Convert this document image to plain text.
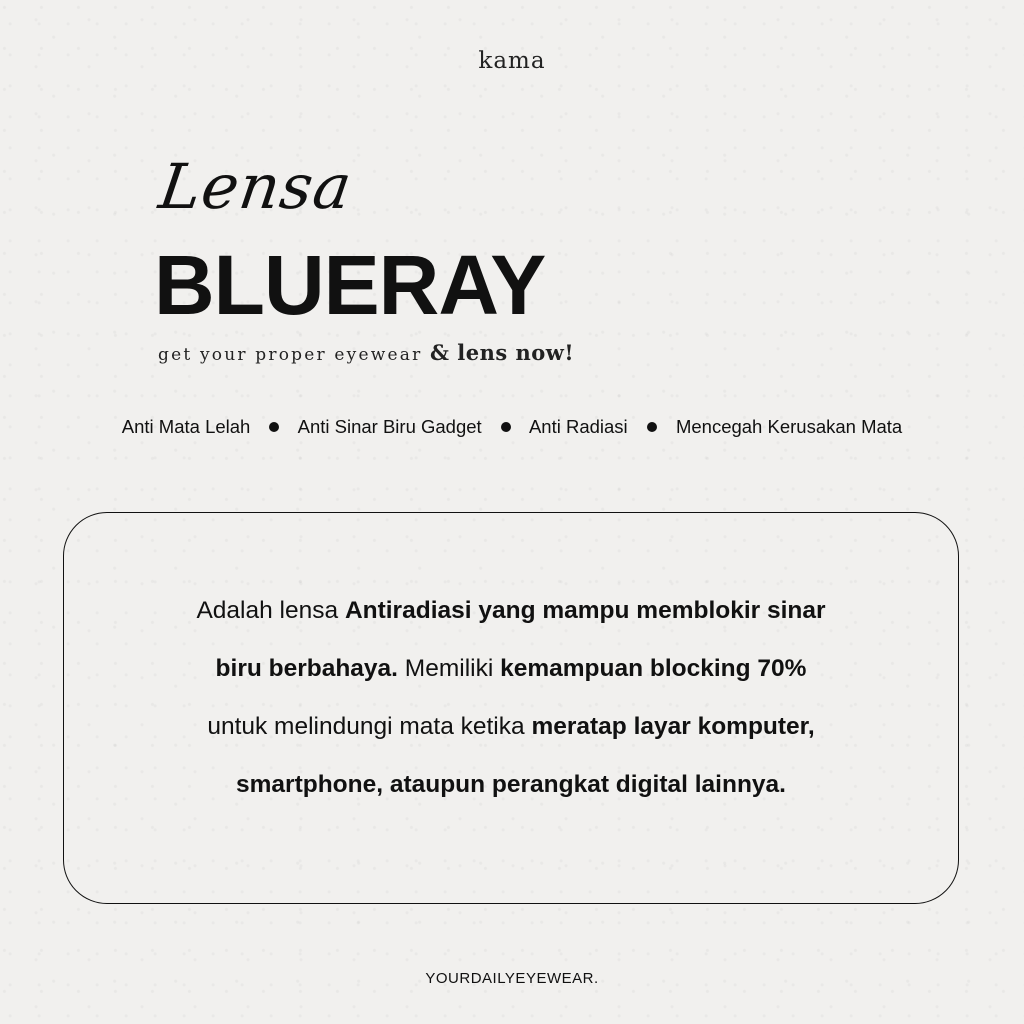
kama
Lensa
BLUERAY
get your proper eyewear & lens now!
Anti Mata Lelah	Anti Sinar Biru Gadget	Anti Radiasi	Mencegah Kerusakan Mata
Adalah lensa Antiradiasi yang mampu memblokir sinar
biru berbahaya. Memiliki kemampuan blocking 70%
untuk melindungi mata ketika meratap layar komputer,
smartphone, ataupun perangkat digital lainnya.
YOURDAILYEYEWEAR.
